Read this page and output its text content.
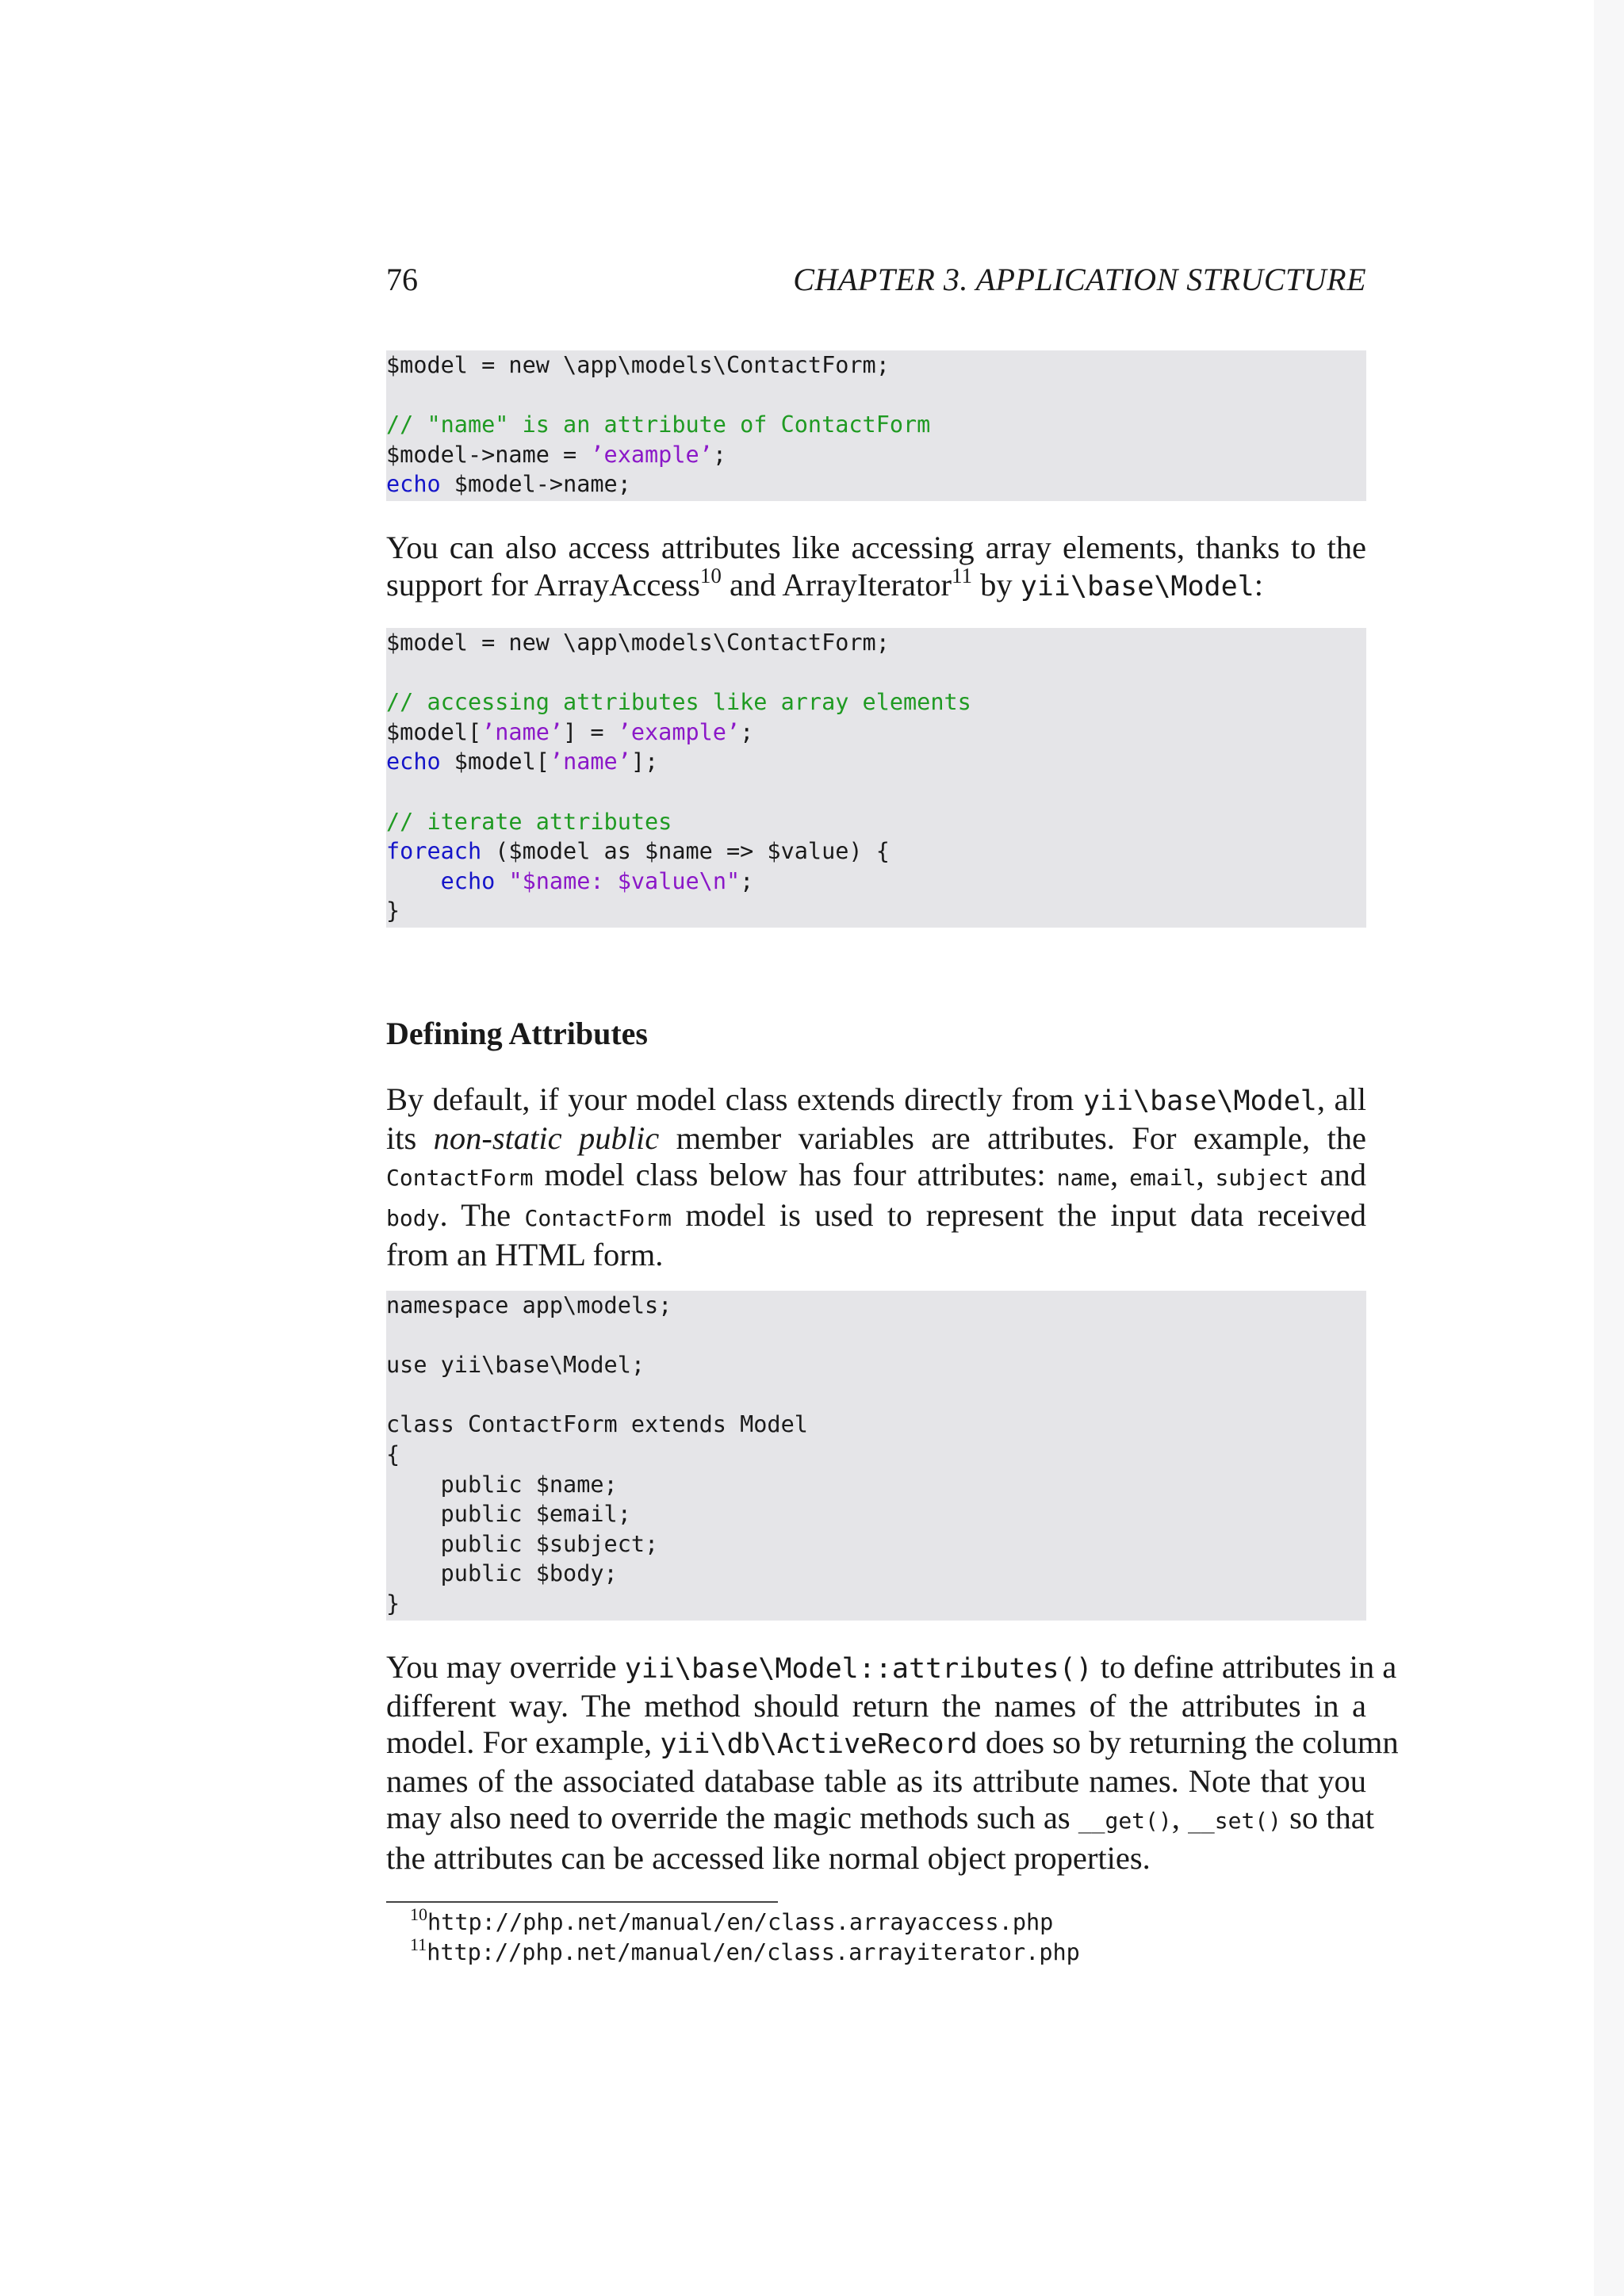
76	CHAPTER 3. APPLICATION STRUCTURE
$model = new \app\models\ContactForm;
// "name" is an attribute of ContactForm
$model->name = ’example’;
echo $model->name;

You can also access attributes like accessing array elements, thanks to the
support for ArrayAccess$^{10}$ and ArrayIterator$^{11}$ by yii\base\Model:

$model = new \app\models\ContactForm;
// accessing attributes like array elements
$model[’name’] = ’example’;
echo $model[’name’];
// iterate attributes
foreach ($model as $name => $value) {
echo "$name: $value\n";
}
Defining Attributes

By default, if your model class extends directly from yii\base\Model, all
its non-static public member variables are attributes. For example, the
ContactForm model class below has four attributes: name, email, subject and
body. The ContactForm model is used to represent the input data received
from an HTML form.

namespace app\models;
use yii\base\Model;
class ContactForm extends Model
{
public $name;
public $email;
public $subject;
public $body;
}

You may override yii\base\Model::attributes() to define attributes in a
different way. The method should return the names of the attributes in a
model. For example, yii\db\ActiveRecord does so by returning the column
names of the associated database table as its attribute names. Note that you
may also need to override the magic methods such as __get(), __set() so that
the attributes can be accessed like normal object properties.

$^{10}$http://php.net/manual/en/class.arrayaccess.php
$^{11}$http://php.net/manual/en/class.arrayiterator.php
